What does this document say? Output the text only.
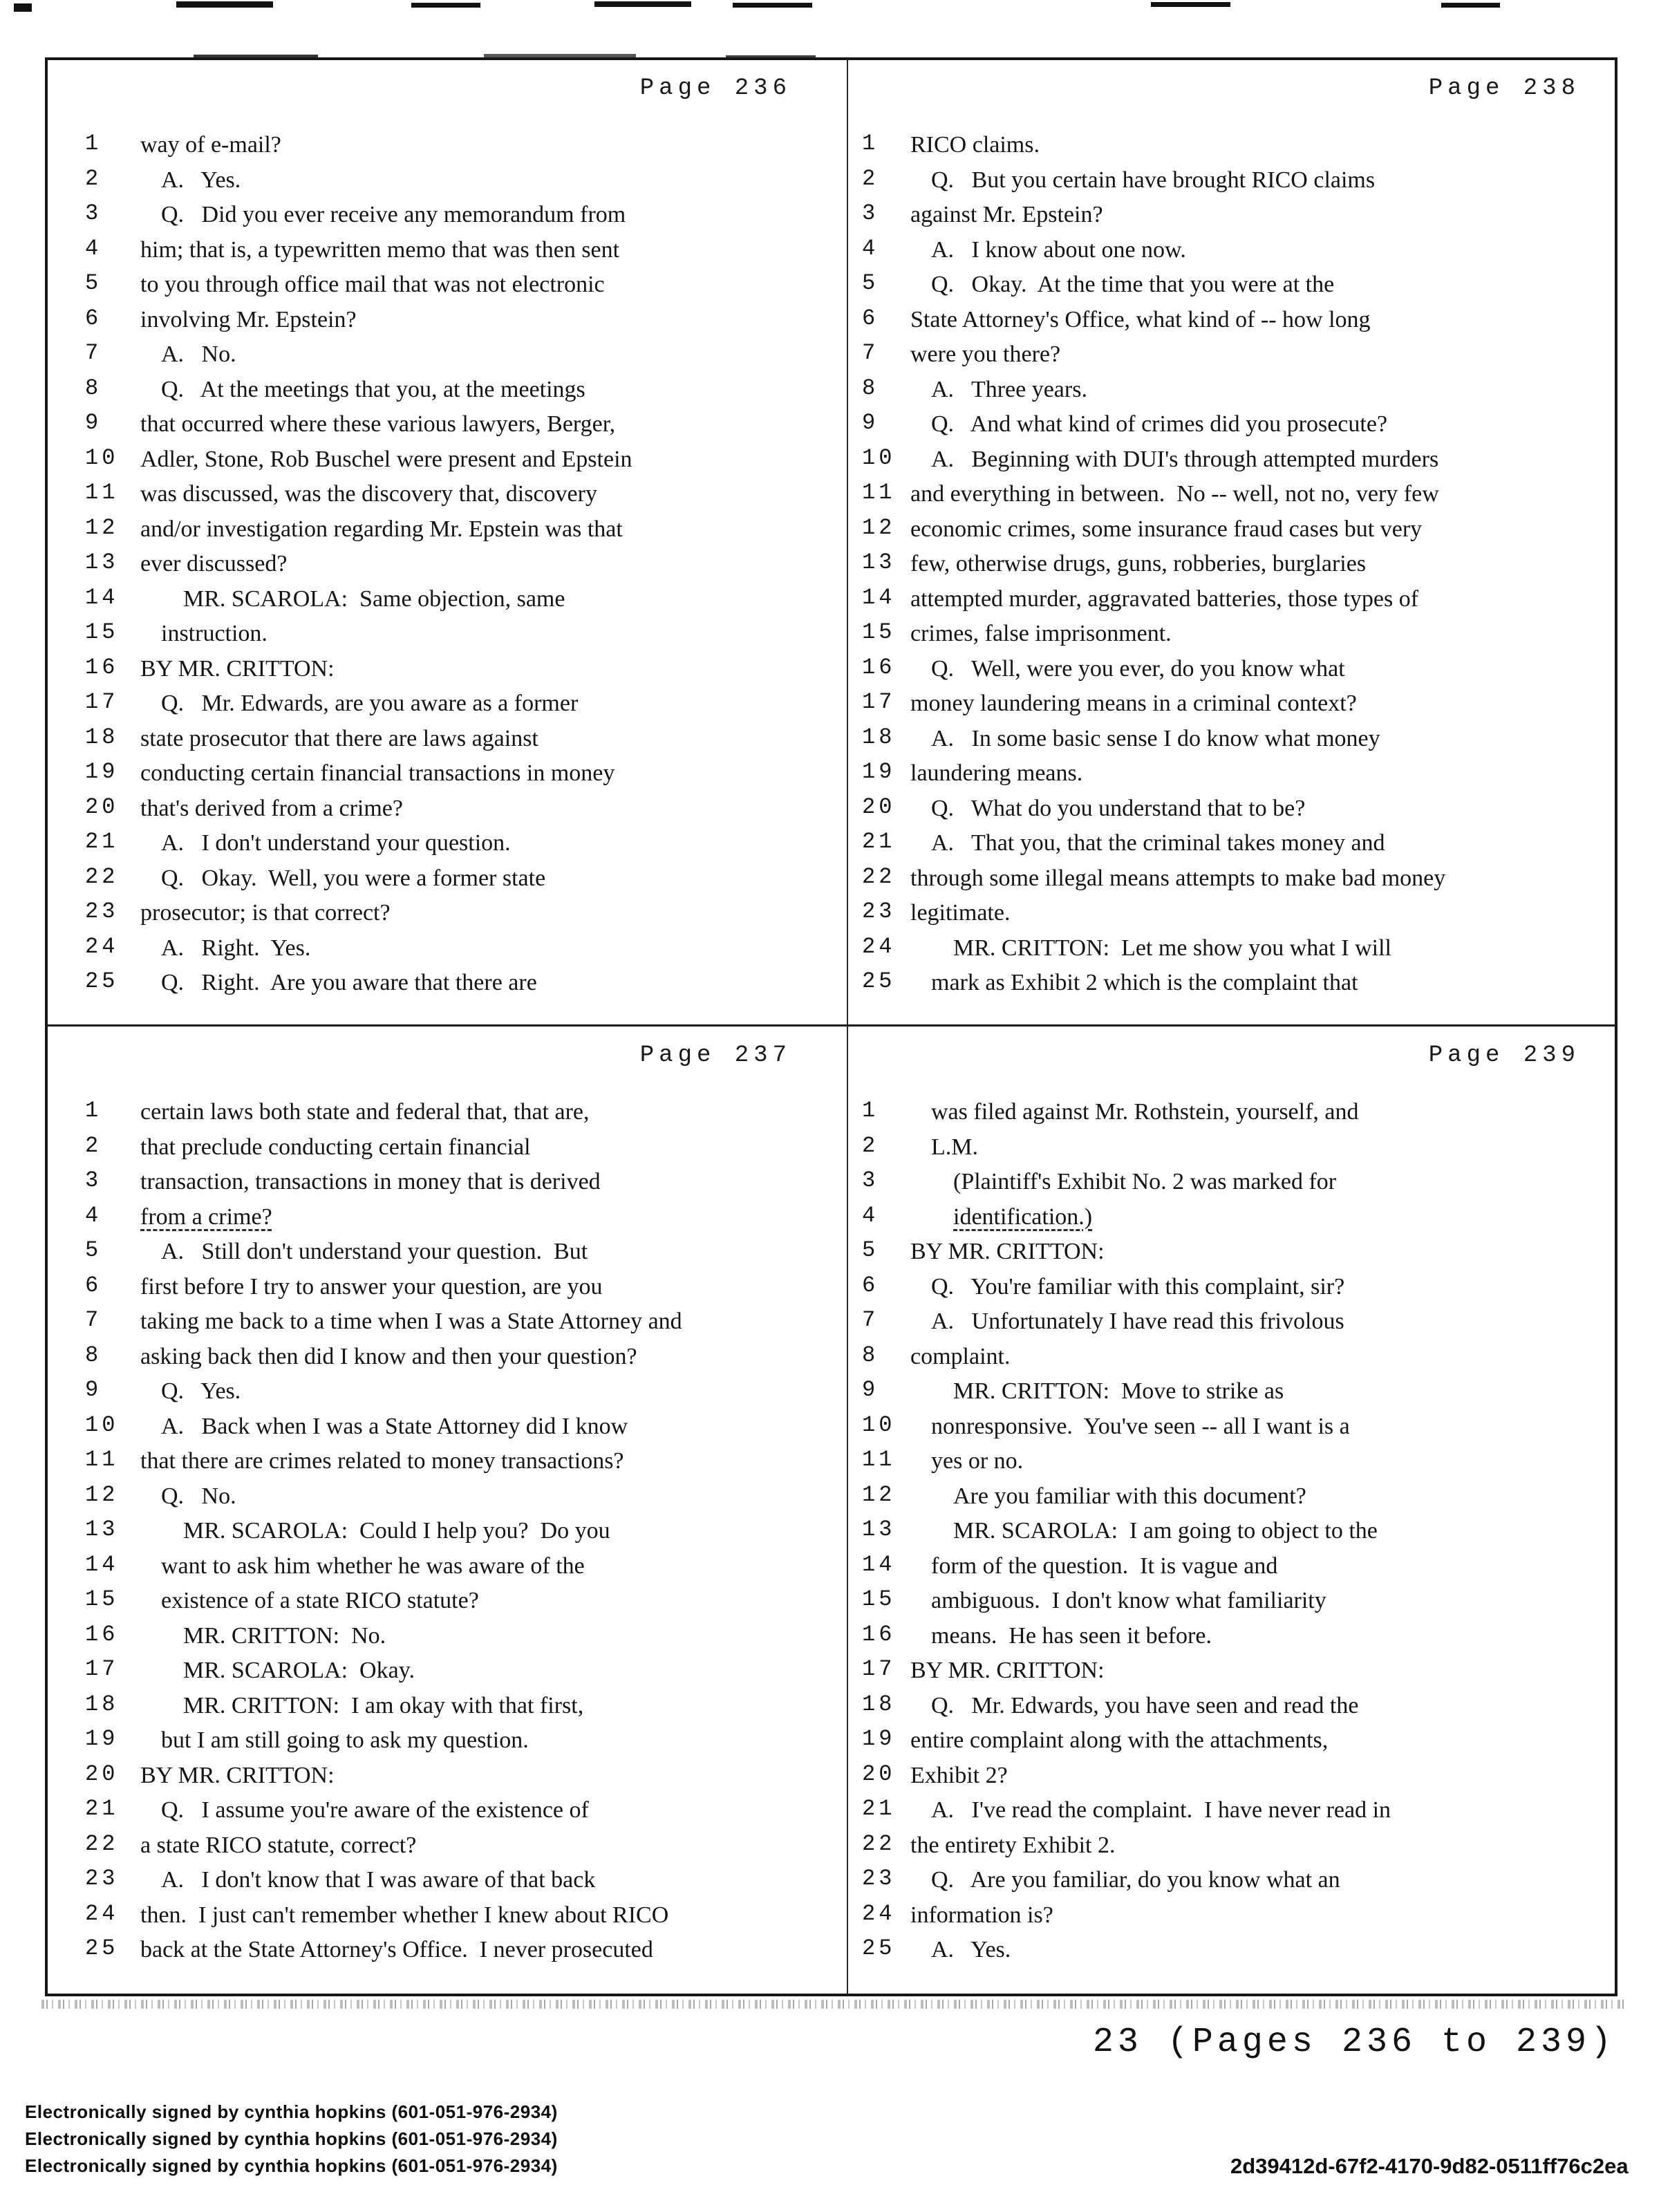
Page 236
1	way of e-mail?
2	A.   Yes.
3	Q.   Did you ever receive any memorandum from
4	him; that is, a typewritten memo that was then sent
5	to you through office mail that was not electronic
6	involving Mr. Epstein?
7	A.   No.
8	Q.   At the meetings that you, at the meetings
9	that occurred where these various lawyers, Berger,
10 Adler, Stone, Rob Buschel were present and Epstein
11 was discussed, was the discovery that, discovery
12 and/or investigation regarding Mr. Epstein was that
13 ever discussed?
14	MR. SCAROLA:  Same objection, same
15	instruction.
16 BY MR. CRITTON:
17	Q.   Mr. Edwards, are you aware as a former
18 state prosecutor that there are laws against
19 conducting certain financial transactions in money
20 that's derived from a crime?
21	A.   I don't understand your question.
22	Q.   Okay.  Well, you were a former state
23 prosecutor; is that correct?
24	A.   Right.  Yes.
25	Q.   Right.  Are you aware that there are
Page 238
1	RICO claims.
2	Q.   But you certain have brought RICO claims
3	against Mr. Epstein?
4	A.   I know about one now.
5	Q.   Okay.  At the time that you were at the
6	State Attorney's Office, what kind of -- how long
7	were you there?
8	A.   Three years.
9	Q.   And what kind of crimes did you prosecute?
10	A.   Beginning with DUI's through attempted murders
11 and everything in between.  No -- well, not no, very few
12 economic crimes, some insurance fraud cases but very
13 few, otherwise drugs, guns, robberies, burglaries
14 attempted murder, aggravated batteries, those types of
15 crimes, false imprisonment.
16	Q.   Well, were you ever, do you know what
17 money laundering means in a criminal context?
18	A.   In some basic sense I do know what money
19 laundering means.
20	Q.   What do you understand that to be?
21	A.   That you, that the criminal takes money and
22 through some illegal means attempts to make bad money
23 legitimate.
24	MR. CRITTON:  Let me show you what I will
25	mark as Exhibit 2 which is the complaint that
Page 237
1	certain laws both state and federal that, that are,
2	that preclude conducting certain financial
3	transaction, transactions in money that is derived
4	from a crime?
5	A.   Still don't understand your question.  But
6	first before I try to answer your question, are you
7	taking me back to a time when I was a State Attorney and
8	asking back then did I know and then your question?
9	Q.   Yes.
10	A.   Back when I was a State Attorney did I know
11 that there are crimes related to money transactions?
12	Q.   No.
13	MR. SCAROLA:  Could I help you?  Do you
14	want to ask him whether he was aware of the
15	existence of a state RICO statute?
16	MR. CRITTON:  No.
17	MR. SCAROLA:  Okay.
18	MR. CRITTON:  I am okay with that first,
19	but I am still going to ask my question.
20 BY MR. CRITTON:
21	Q.   I assume you're aware of the existence of
22 a state RICO statute, correct?
23	A.   I don't know that I was aware of that back
24 then.  I just can't remember whether I knew about RICO
25 back at the State Attorney's Office.  I never prosecuted
Page 239
1	was filed against Mr. Rothstein, yourself, and
2	L.M.
3	(Plaintiff's Exhibit No. 2 was marked for
4	identification.)
5	BY MR. CRITTON:
6	Q.   You're familiar with this complaint, sir?
7	A.   Unfortunately I have read this frivolous
8	complaint.
9	MR. CRITTON:  Move to strike as
10	nonresponsive.  You've seen -- all I want is a
11	yes or no.
12	Are you familiar with this document?
13	MR. SCAROLA:  I am going to object to the
14	form of the question.  It is vague and
15	ambiguous.  I don't know what familiarity
16	means.  He has seen it before.
17 BY MR. CRITTON:
18	Q.   Mr. Edwards, you have seen and read the
19 entire complaint along with the attachments,
20 Exhibit 2?
21	A.   I've read the complaint.  I have never read in
22 the entirety Exhibit 2.
23	Q.   Are you familiar, do you know what an
24 information is?
25	A.   Yes.
23 (Pages 236 to 239)
Electronically signed by cynthia hopkins (601-051-976-2934)
Electronically signed by cynthia hopkins (601-051-976-2934)
Electronically signed by cynthia hopkins (601-051-976-2934)	2d39412d-67f2-4170-9d82-0511ff76c2ea
